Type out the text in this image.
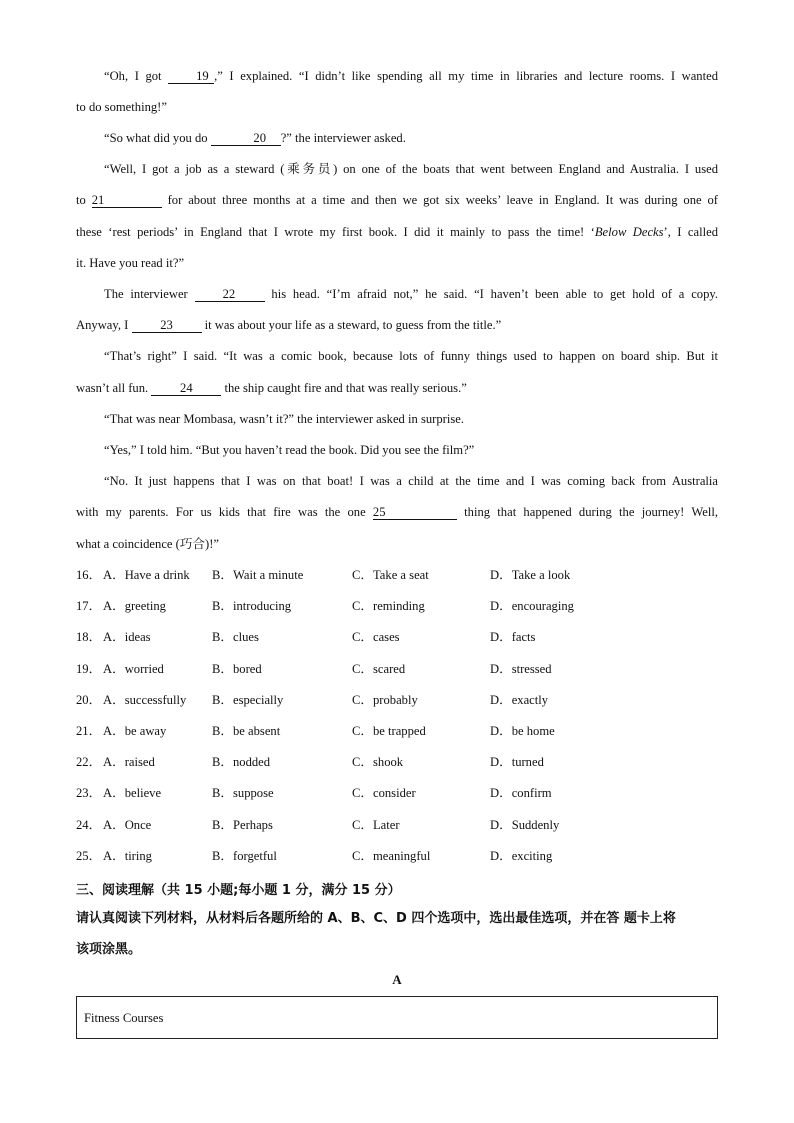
“Oh, I got 19 ,” I explained. “I didn’t like spending all my time in libraries and lecture rooms. I wanted
to do something!”
“So what did you do	20 ?” the interviewer asked.
“Well, I got a job as a steward (乘务员) on one of the boats that went between England and Australia. I used
to 21	for about three months at a time and then we got six weeks’ leave in England. It was during one of
these ‘rest periods’ in England that I wrote my first book. I did it mainly to pass the time! ‘Below Decks’, I called
it. Have you read it?”
The interviewer 22 his head. “I’m afraid not,” he said. “I haven’t been able to get hold of a copy.
Anyway, I 23 it was about your life as a steward, to guess from the title.”
“That’s right” I said. “It was a comic book, because lots of funny things used to happen on board ship. But it
wasn’t all fun. 24 the ship caught fire and that was really serious.”
“That was near Mombasa, wasn’t it?” the interviewer asked in surprise.
“Yes,” I told him. “But you haven’t read the book. Did you see the film?”
“No. It just happens that I was on that boat! I was a child at the time and I was coming back from Australia
with my parents. For us kids that fire was the one 25	thing that happened during the journey! Well,
what a coincidence (巧合)!”
16． A．Have a drink B．Wait a minute	C．Take a seat	D．Take a look
17． A．greeting	B．introducing	C．reminding	D．encouraging
18． A．ideas	B．clues	C．cases	D．facts
19． A．worried	B．bored	C．scared	D．stressed
20． A．successfully B．especially	C．probably	D．exactly
21． A．be away	B．be absent	C．be trapped	D．be home
22． A．raised	B．nodded	C．shook	D．turned
23． A．believe	B．suppose	C．consider	D．confirm
24． A．Once	B．Perhaps	C．Later	D．Suddenly
25． A．tiring	B．forgetful	C．meaningful	D．exciting
三、阅读理解（共 15 小题;每小题 1 分，满分 15 分）
请认真阅读下列材料，从材料后各题所给的 A、B、C、D 四个选项中，选出最佳选项，并在答 题卡上将
该项涂黑。
A
Fitness Courses
